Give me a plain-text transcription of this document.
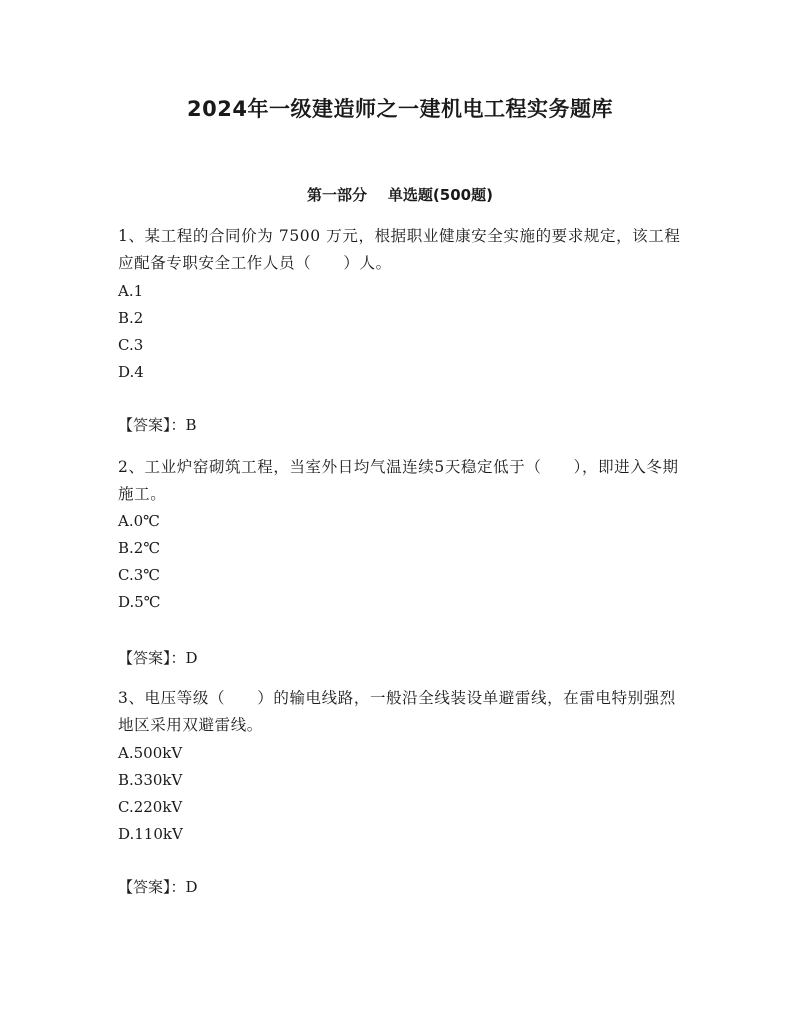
2024年一级建造师之一建机电工程实务题库
第一部分    单选题(500题)
1、某工程的合同价为 7500 万元，根据职业健康安全实施的要求规定，该工程应配备专职安全工作人员（　　）人。
A.1
B.2
C.3
D.4
【答案】：B
2、工业炉窑砌筑工程，当室外日均气温连续5天稳定低于（　　），即进入冬期施工。
A.0℃
B.2℃
C.3℃
D.5℃
【答案】：D
3、电压等级（　　）的输电线路，一般沿全线装设单避雷线，在雷电特别强烈地区采用双避雷线。
A.500kV
B.330kV
C.220kV
D.110kV
【答案】：D
